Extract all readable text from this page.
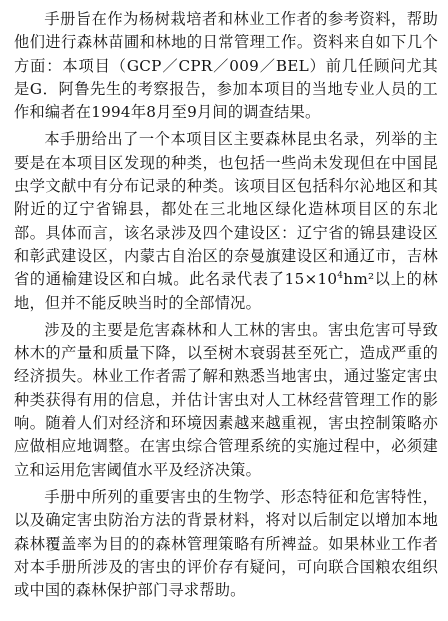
手册旨在作为杨树栽培者和林业工作者的参考资料，帮助他们进行森林苗圃和林地的日常管理工作。资料来自如下几个方面：本项目（GCP／CPR／009／BEL）前几任顾问尤其是G．阿鲁先生的考察报告，参加本项目的当地专业人员的工作和编者在1994年8月至9月间的调查结果。

本手册给出了一个本项目区主要森林昆虫名录，列举的主要是在本项目区发现的种类，也包括一些尚未发现但在中国昆虫学文献中有分布记录的种类。该项目区包括科尔沁地区和其附近的辽宁省锦县，都处在三北地区绿化造林项目区的东北部。具体而言，该名录涉及四个建设区：辽宁省的锦县建设区和彰武建设区，内蒙古自治区的奈曼旗建设区和通辽市，吉林省的通榆建设区和白城。此名录代表了$15\times 10^4hm^2$以上的林地，但并不能反映当时的全部情况。

涉及的主要是危害森林和人工林的害虫。害虫危害可导致林木的产量和质量下降，以至树木衰弱甚至死亡，造成严重的经济损失。林业工作者需了解和熟悉当地害虫，通过鉴定害虫种类获得有用的信息，并估计害虫对人工林经营管理工作的影响。随着人们对经济和环境因素越来越重视，害虫控制策略亦应做相应地调整。在害虫综合管理系统的实施过程中，必须建立和运用危害阈值水平及经济决策。

手册中所列的重要害虫的生物学、形态特征和危害特性，以及确定害虫防治方法的背景材料，将对以后制定以增加本地森林覆盖率为目的的森林管理策略有所裨益。如果林业工作者对本手册所涉及的害虫的评价存有疑问，可向联合国粮农组织或中国的森林保护部门寻求帮助。
